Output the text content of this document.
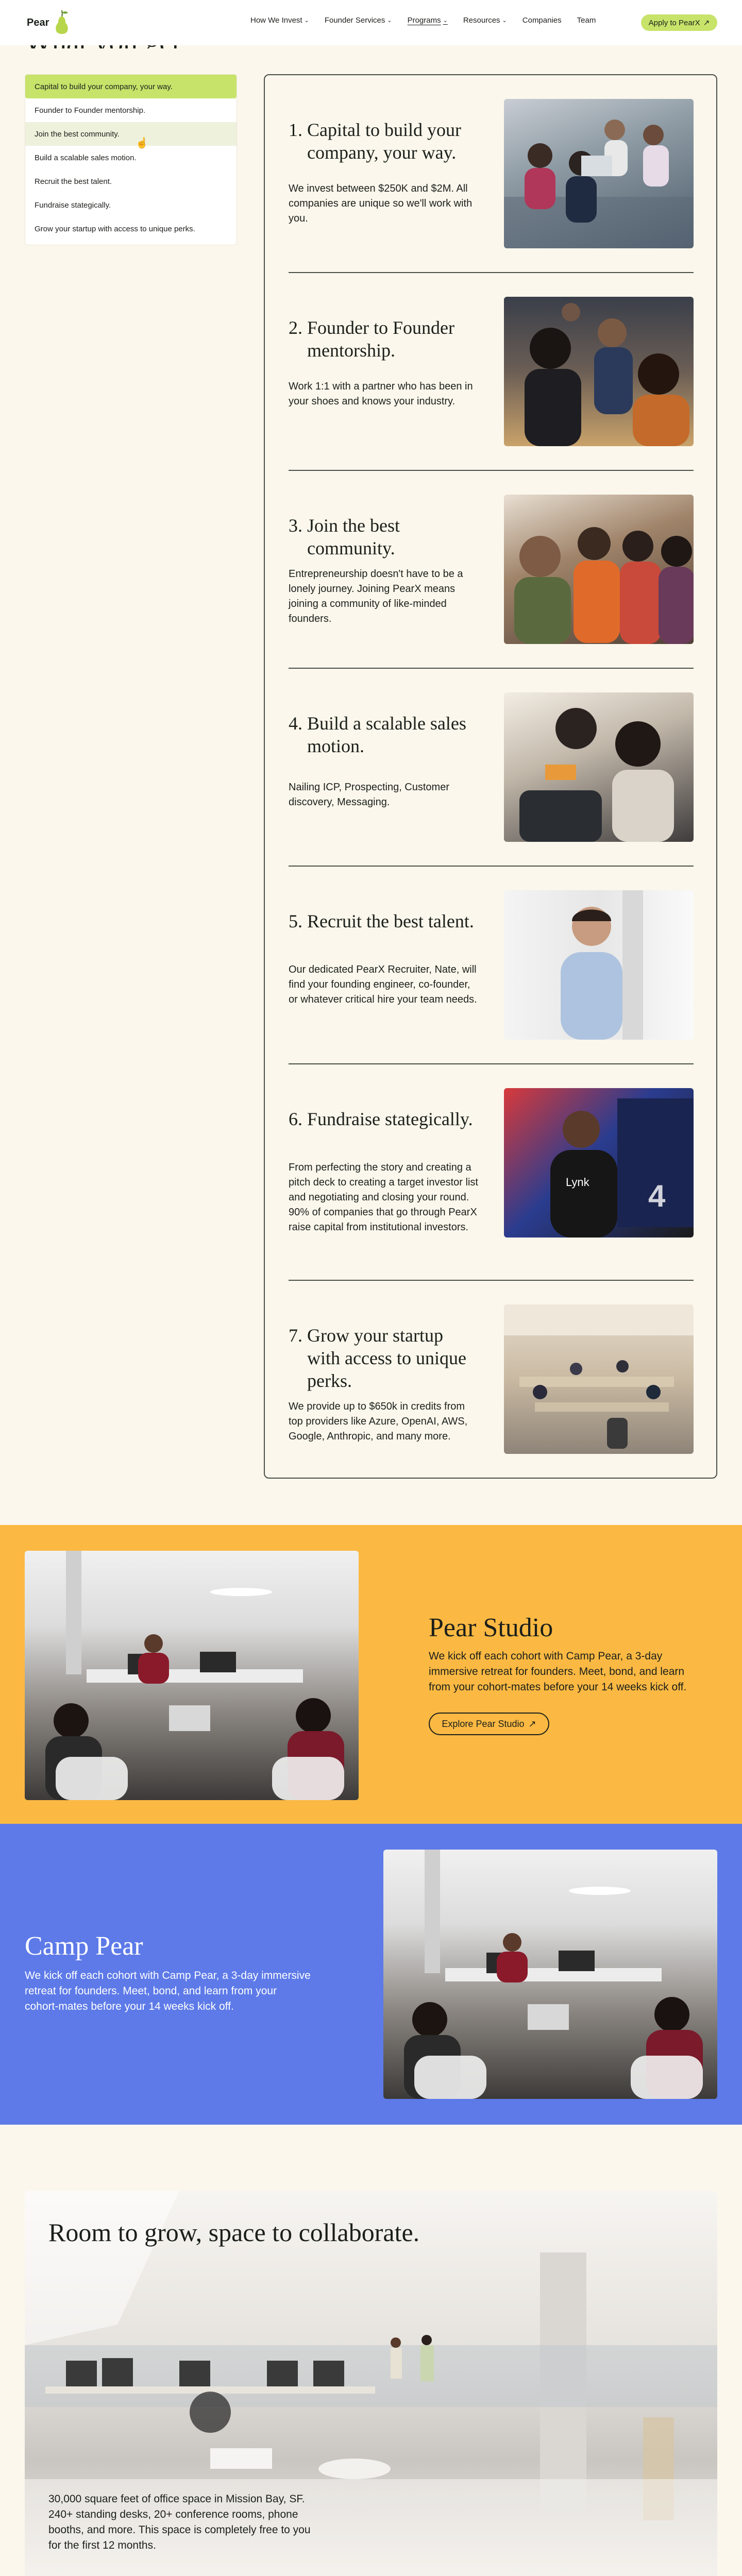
Pear	How We Invest ⌄ Founder Services ⌄ Programs ⌄ Resources ⌄ Companies Team	Apply to PearX ↗
Capital to build your company, your way.
Founder to Founder mentorship.
Join the best community.
Build a scalable sales motion.
Recruit the best talent.
Fundraise stategically.
Grow your startup with access to unique perks.
☝
1. Capital to build your company, your way.
We invest between $250K and $2M. All companies are unique so we'll work with you.
2. Founder to Founder mentorship.
Work 1:1 with a partner who has been in your shoes and knows your industry.
3. Join the best community.
Entrepreneurship doesn't have to be a lonely journey. Joining PearX means joining a community of like-minded founders.
4. Build a scalable sales motion.
Nailing ICP, Prospecting, Customer discovery, Messaging.
5. Recruit the best talent.
Our dedicated PearX Recruiter, Nate, will find your founding engineer, co-founder, or whatever critical hire your team needs.
6. Fundraise stategically.
From perfecting the story and creating a pitch deck to creating a target investor list and negotiating and closing your round. 90% of companies that go through PearX raise capital from institutional investors.
Lynk 4
7. Grow your startup with access to unique perks.
We provide up to $650k in credits from top providers like Azure, OpenAI, AWS, Google, Anthropic, and many more.
Pear Studio
We kick off each cohort with Camp Pear, a 3-day immersive retreat for founders. Meet, bond, and learn from your cohort-mates before your 14 weeks kick off.
Explore Pear Studio ↗
Camp Pear
We kick off each cohort with Camp Pear, a 3-day immersive retreat for founders. Meet, bond, and learn from your cohort-mates before your 14 weeks kick off.
Room to grow, space to collaborate.
30,000 square feet of office space in Mission Bay, SF. 240+ standing desks, 20+ conference rooms, phone booths, and more. This space is completely free to you for the first 12 months.
